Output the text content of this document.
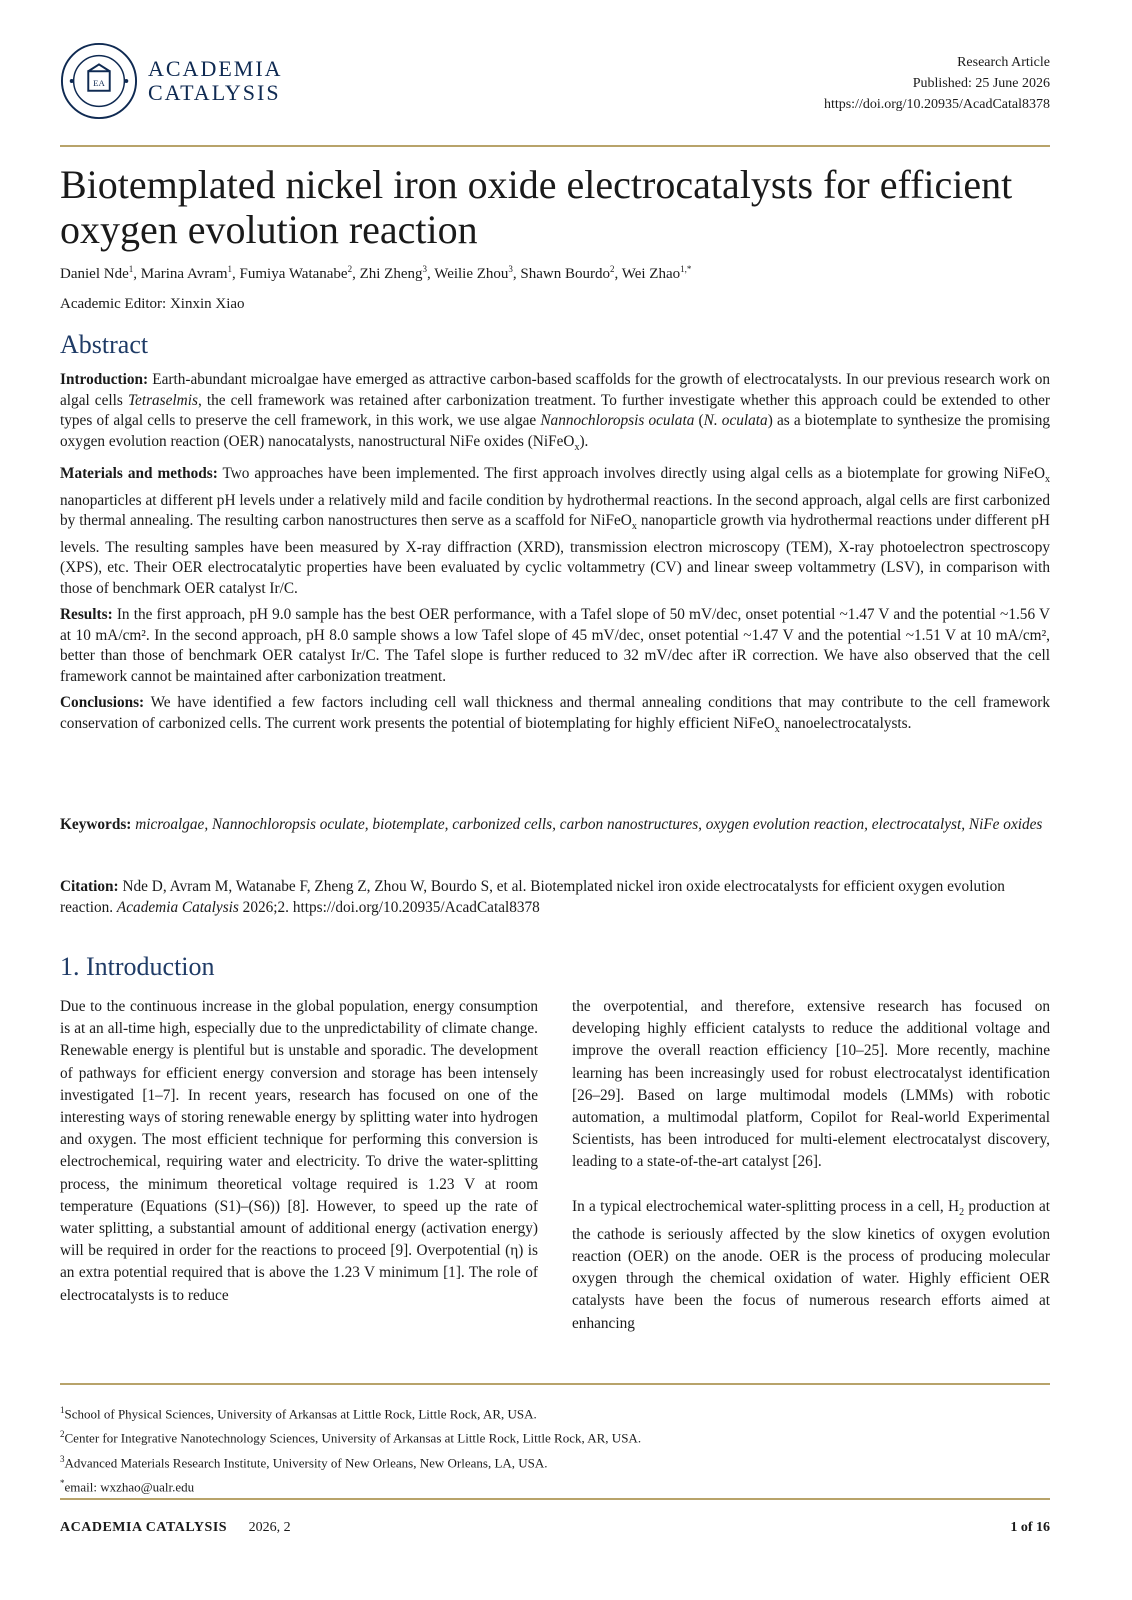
EA
ACADEMIA
CATALYSIS
Research Article
Published: 25 June 2026
https://doi.org/10.20935/AcadCatal8378
Biotemplated nickel iron oxide electrocatalysts for efficient oxygen evolution reaction
Daniel Nde$^1$, Marina Avram$^1$, Fumiya Watanabe$^2$, Zhi Zheng$^3$, Weilie Zhou$^3$, Shawn Bourdo$^2$, Wei Zhao$^{1,*}$
Academic Editor: Xinxin Xiao
Abstract

Introduction: Earth-abundant microalgae have emerged as attractive carbon-based scaffolds for the growth of electrocatalysts. In our previous research work on algal cells Tetraselmis, the cell framework was retained after carbonization treatment. To further investigate whether this approach could be extended to other types of algal cells to preserve the cell framework, in this work, we use algae Nannochloropsis oculata (N. oculata) as a biotemplate to synthesize the promising oxygen evolution reaction (OER) nanocatalysts, nanostructural NiFe oxides (NiFeO$_x$).

Materials and methods: Two approaches have been implemented. The first approach involves directly using algal cells as a biotemplate for growing NiFeO$_x$ nanoparticles at different pH levels under a relatively mild and facile condition by hydrothermal reactions. In the second approach, algal cells are first carbonized by thermal annealing. The resulting carbon nanostructures then serve as a scaffold for NiFeO$_x$ nanoparticle growth via hydrothermal reactions under different pH levels. The resulting samples have been measured by X-ray diffraction (XRD), transmission electron microscopy (TEM), X-ray photoelectron spectroscopy (XPS), etc. Their OER electrocatalytic properties have been evaluated by cyclic voltammetry (CV) and linear sweep voltammetry (LSV), in comparison with those of benchmark OER catalyst Ir/C.

Results: In the first approach, pH 9.0 sample has the best OER performance, with a Tafel slope of 50 mV/dec, onset potential ~1.47 V and the potential ~1.56 V at 10 mA/cm². In the second approach, pH 8.0 sample shows a low Tafel slope of 45 mV/dec, onset potential ~1.47 V and the potential ~1.51 V at 10 mA/cm², better than those of benchmark OER catalyst Ir/C. The Tafel slope is further reduced to 32 mV/dec after iR correction. We have also observed that the cell framework cannot be maintained after carbonization treatment.

Conclusions: We have identified a few factors including cell wall thickness and thermal annealing conditions that may contribute to the cell framework conservation of carbonized cells. The current work presents the potential of biotemplating for highly efficient NiFeO$_x$ nanoelectrocatalysts.

Keywords: microalgae, Nannochloropsis oculate, biotemplate, carbonized cells, carbon nanostructures, oxygen evolution reaction, electrocatalyst, NiFe oxides
Citation: Nde D, Avram M, Watanabe F, Zheng Z, Zhou W, Bourdo S, et al. Biotemplated nickel iron oxide electrocatalysts for efficient oxygen evolution reaction. Academia Catalysis 2026;2. https://doi.org/10.20935/AcadCatal8378
1. Introduction

Due to the continuous increase in the global population, energy consumption is at an all-time high, especially due to the unpredictability of climate change. Renewable energy is plentiful but is unstable and sporadic. The development of pathways for efficient energy conversion and storage has been intensely investigated [1–7]. In recent years, research has focused on one of the interesting ways of storing renewable energy by splitting water into hydrogen and oxygen. The most efficient technique for performing this conversion is electrochemical, requiring water and electricity. To drive the water-splitting process, the minimum theoretical voltage required is 1.23 V at room temperature (Equations (S1)–(S6)) [8]. However, to speed up the rate of water splitting, a substantial amount of additional energy (activation energy) will be required in order for the reactions to proceed [9]. Overpotential (η) is an extra potential required that is above the 1.23 V minimum [1]. The role of electrocatalysts is to reduce

the overpotential, and therefore, extensive research has focused on developing highly efficient catalysts to reduce the additional voltage and improve the overall reaction efficiency [10–25]. More recently, machine learning has been increasingly used for robust electrocatalyst identification [26–29]. Based on large multimodal models (LMMs) with robotic automation, a multimodal platform, Copilot for Real-world Experimental Scientists, has been introduced for multi-element electrocatalyst discovery, leading to a state-of-the-art catalyst [26].

In a typical electrochemical water-splitting process in a cell, $H_2$ production at the cathode is seriously affected by the slow kinetics of oxygen evolution reaction (OER) on the anode. OER is the process of producing molecular oxygen through the chemical oxidation of water. Highly efficient OER catalysts have been the focus of numerous research efforts aimed at enhancing

$^1$School of Physical Sciences, University of Arkansas at Little Rock, Little Rock, AR, USA.
$^2$Center for Integrative Nanotechnology Sciences, University of Arkansas at Little Rock, Little Rock, AR, USA.
$^3$Advanced Materials Research Institute, University of New Orleans, New Orleans, LA, USA.
*email: wxzhao@ualr.edu
ACADEMIA CATALYSIS 2026, 2	1 of 16
